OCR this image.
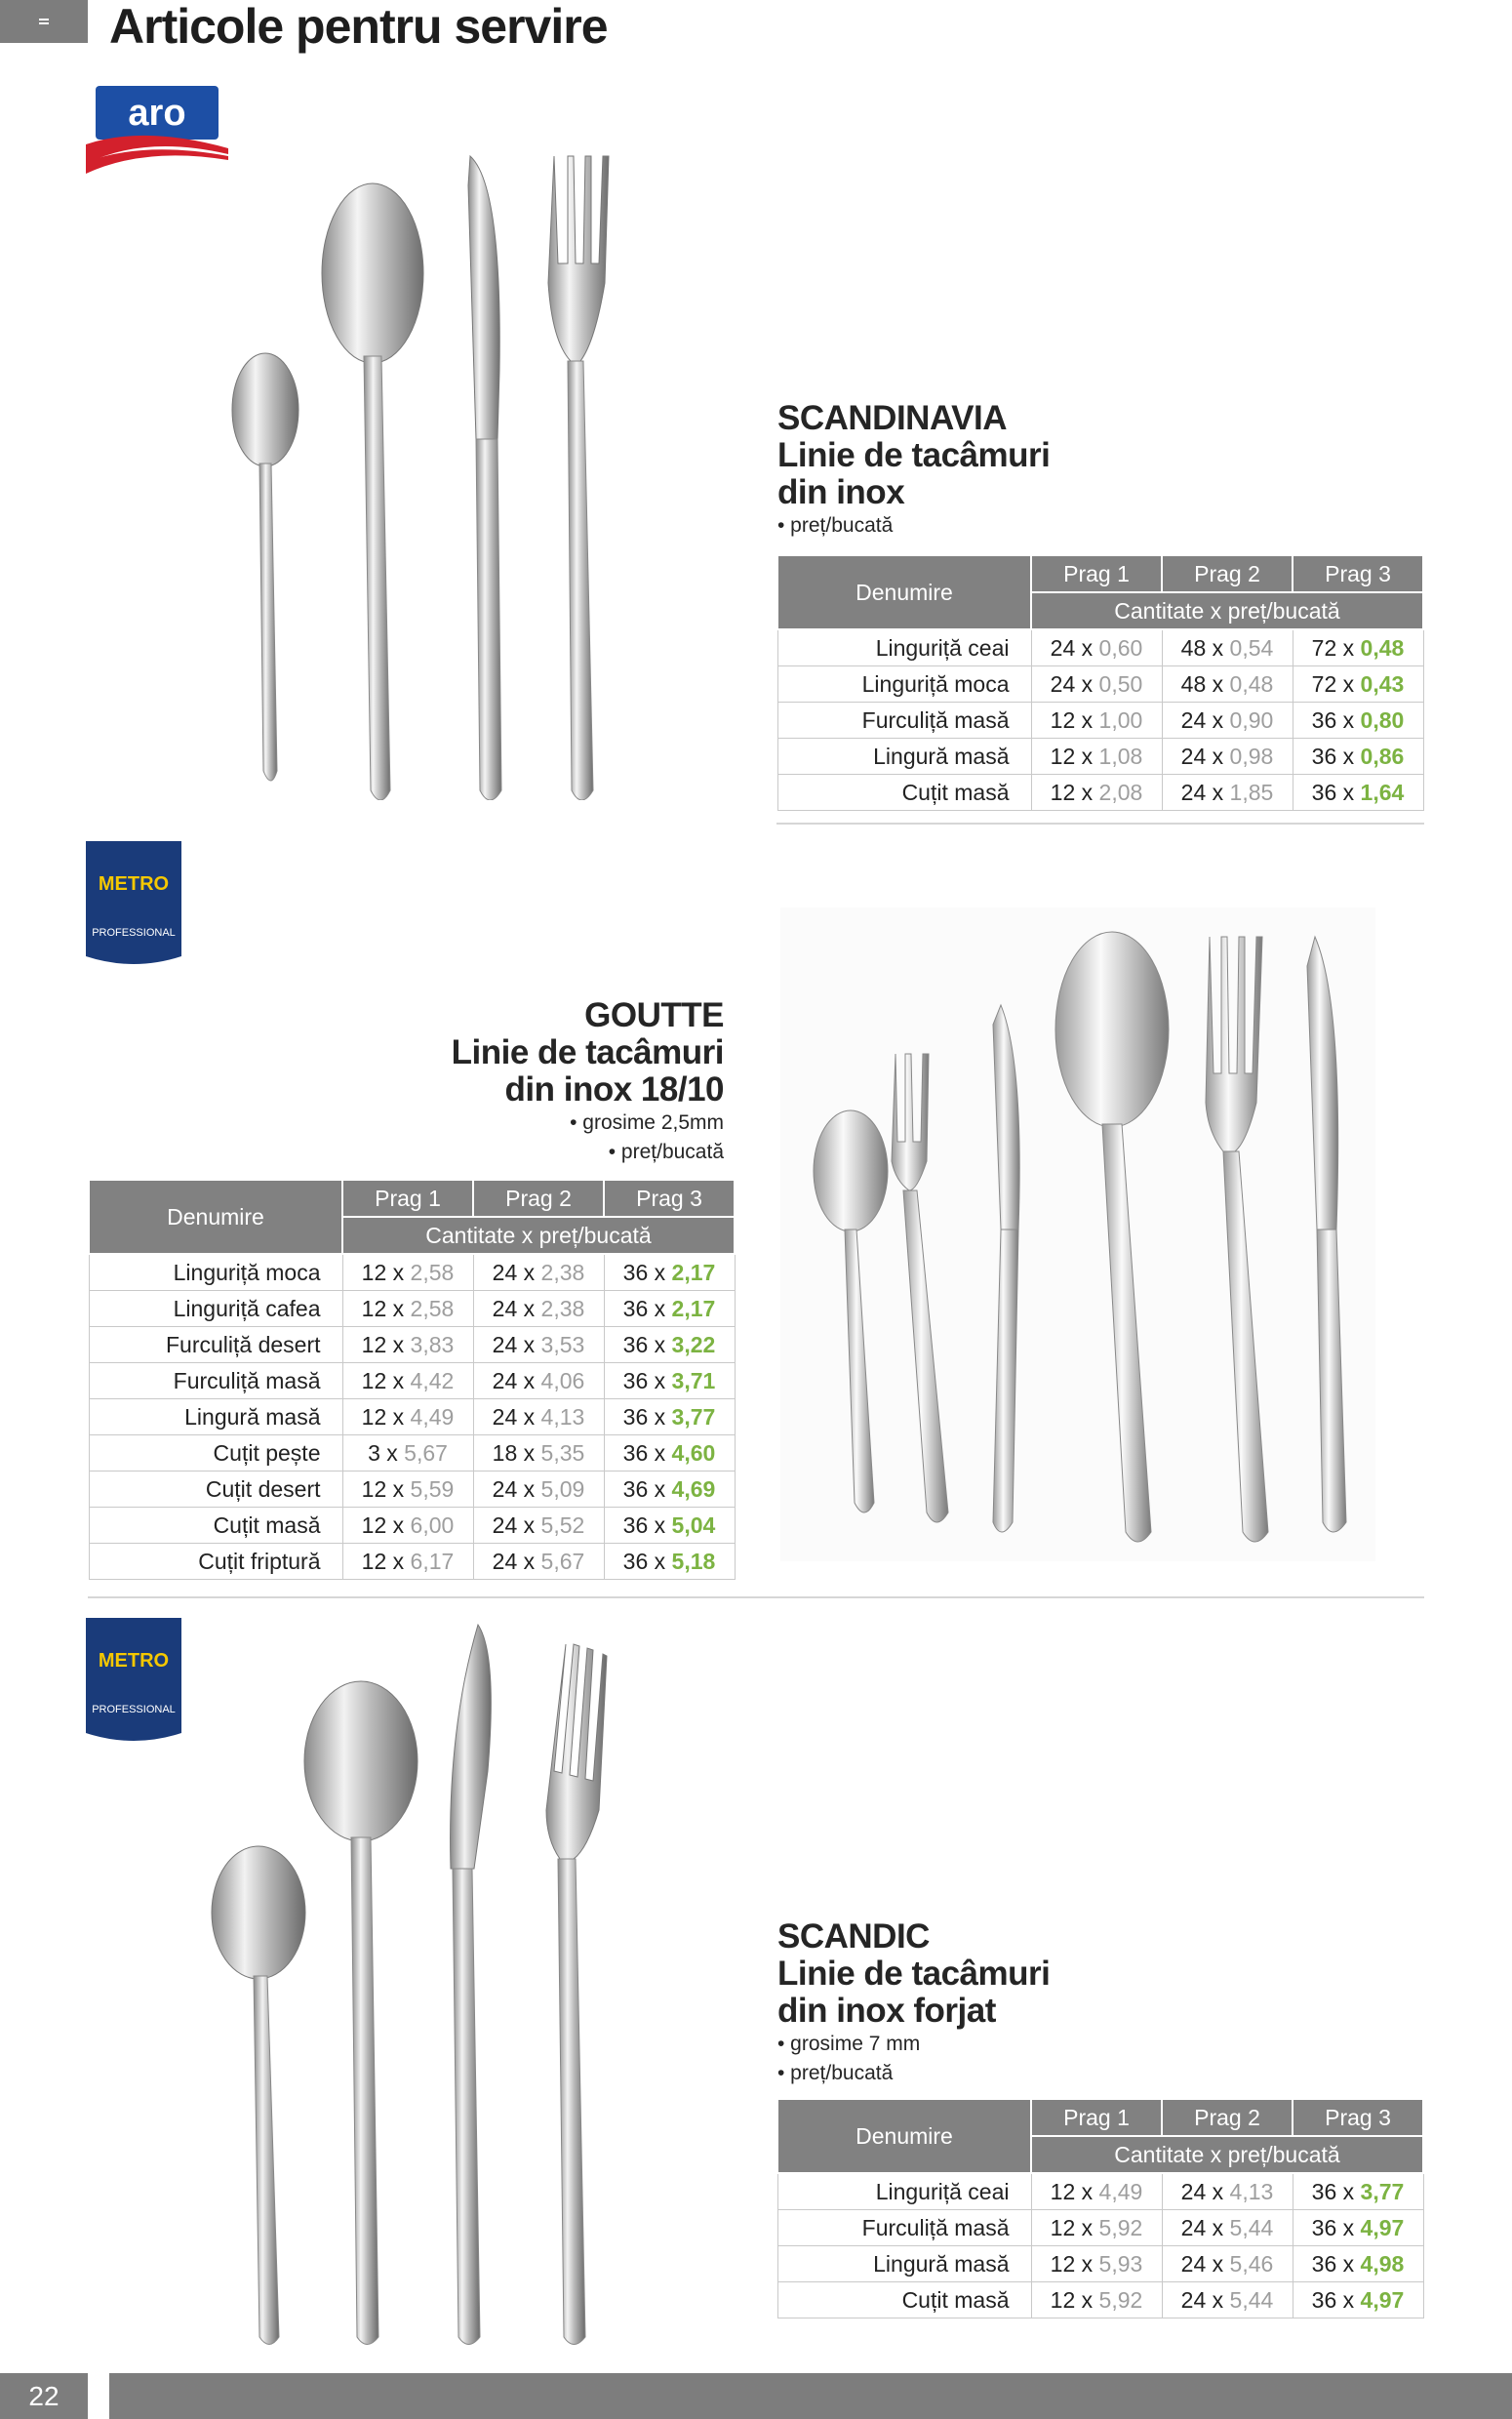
Articole pentru servire
aro
SCANDINAVIA
Linie de tacâmuri
din inox
• preț/bucată
Denumire	Prag 1	Prag 2	Prag 3
	Cantitate x preț/bucată		
Linguriță ceai	24 x 0,60	48 x 0,54	72 x 0,48
Linguriță moca	24 x 0,50	48 x 0,48	72 x 0,43
Furculiță masă	12 x 1,00	24 x 0,90	36 x 0,80
Lingură masă	12 x 1,08	24 x 0,98	36 x 0,86
Cuțit masă	12 x 2,08	24 x 1,85	36 x 1,64
METRO
PROFESSIONAL
GOUTTE
Linie de tacâmuri
din inox 18/10
• grosime 2,5mm
• preț/bucată
Denumire	Prag 1	Prag 2	Prag 3
	Cantitate x preț/bucată		
Linguriță moca	12 x 2,58	24 x 2,38	36 x 2,17
Linguriță cafea	12 x 2,58	24 x 2,38	36 x 2,17
Furculiță desert	12 x 3,83	24 x 3,53	36 x 3,22
Furculiță masă	12 x 4,42	24 x 4,06	36 x 3,71
Lingură masă	12 x 4,49	24 x 4,13	36 x 3,77
Cuțit pește	3 x 5,67	18 x 5,35	36 x 4,60
Cuțit desert	12 x 5,59	24 x 5,09	36 x 4,69
Cuțit masă	12 x 6,00	24 x 5,52	36 x 5,04
Cuțit friptură	12 x 6,17	24 x 5,67	36 x 5,18
METRO
PROFESSIONAL
SCANDIC
Linie de tacâmuri
din inox forjat
• grosime 7 mm
• preț/bucată
Denumire	Prag 1	Prag 2	Prag 3
	Cantitate x preț/bucată		
Linguriță ceai	12 x 4,49	24 x 4,13	36 x 3,77
Furculiță masă	12 x 5,92	24 x 5,44	36 x 4,97
Lingură masă	12 x 5,93	24 x 5,46	36 x 4,98
Cuțit masă	12 x 5,92	24 x 5,44	36 x 4,97
22
